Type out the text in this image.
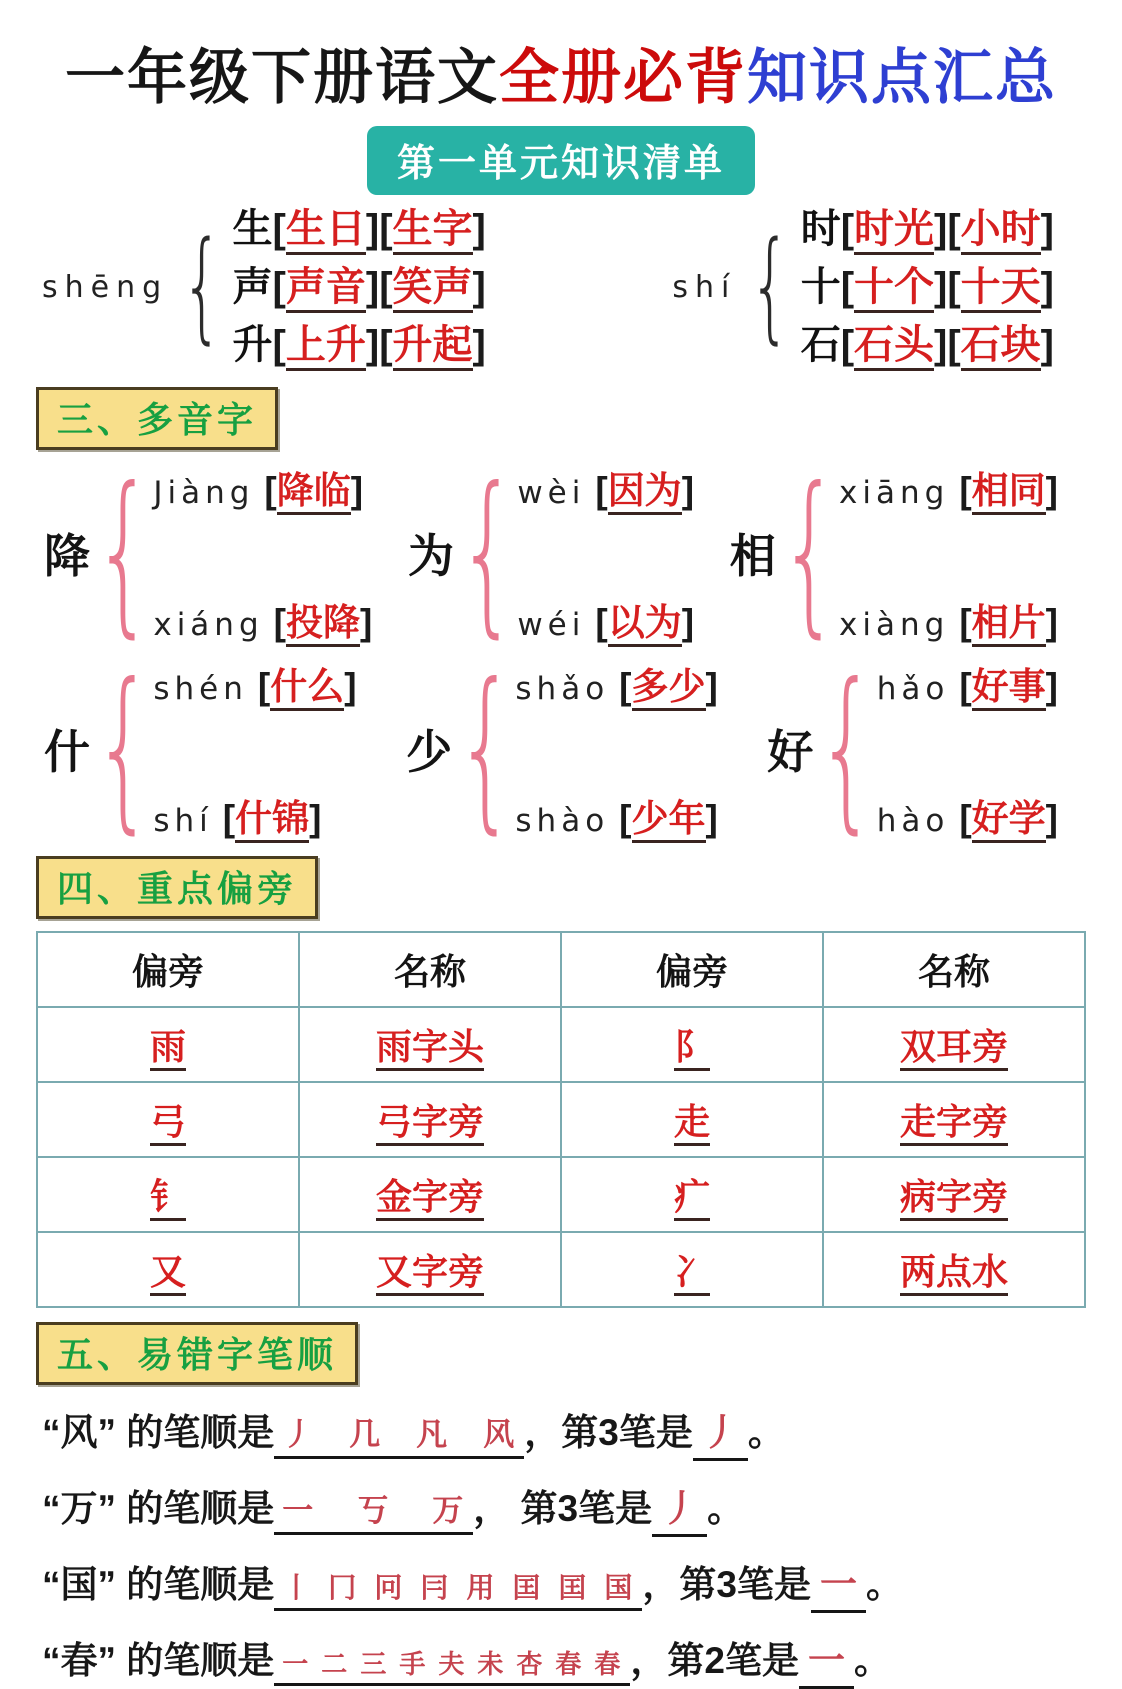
一年级下册语文全册必背知识点汇总
第一单元知识清单
shēng { 生[生日][生字]
声[声音][笑声]
升[上升][升起]
shí { 时[时光][小时]
十[十个][十天]
石[石头][石块]
三、多音字
降 { Jiàng [降临]
xiáng [投降]
为 { wèi [因为]
wéi [以为]
相 { xiāng [相同]
xiàng [相片]
什 { shén [什么]
shí [什锦]
少 { shǎo [多少]
shào [少年]
好 { hǎo [好事]
hào [好学]
四、重点偏旁
偏旁	名称	偏旁	名称
雨	雨字头	阝	双耳旁
弓	弓字旁	走	走字旁
钅	金字旁	疒	病字旁
又	又字旁	冫	两点水
五、易错字笔顺
“风” 的笔顺是 丿 几 凡 风 ，第3笔是 丿 。
“万” 的笔顺是 一 丂 万 ， 第3笔是 丿 。
“国” 的笔顺是 丨 冂 冋 冃 用 囯 囯 国 ，第3笔是 一 。
“春” 的笔顺是 一 二 三 手 夫 未 杏 春 春 ，第2笔是 一 。
